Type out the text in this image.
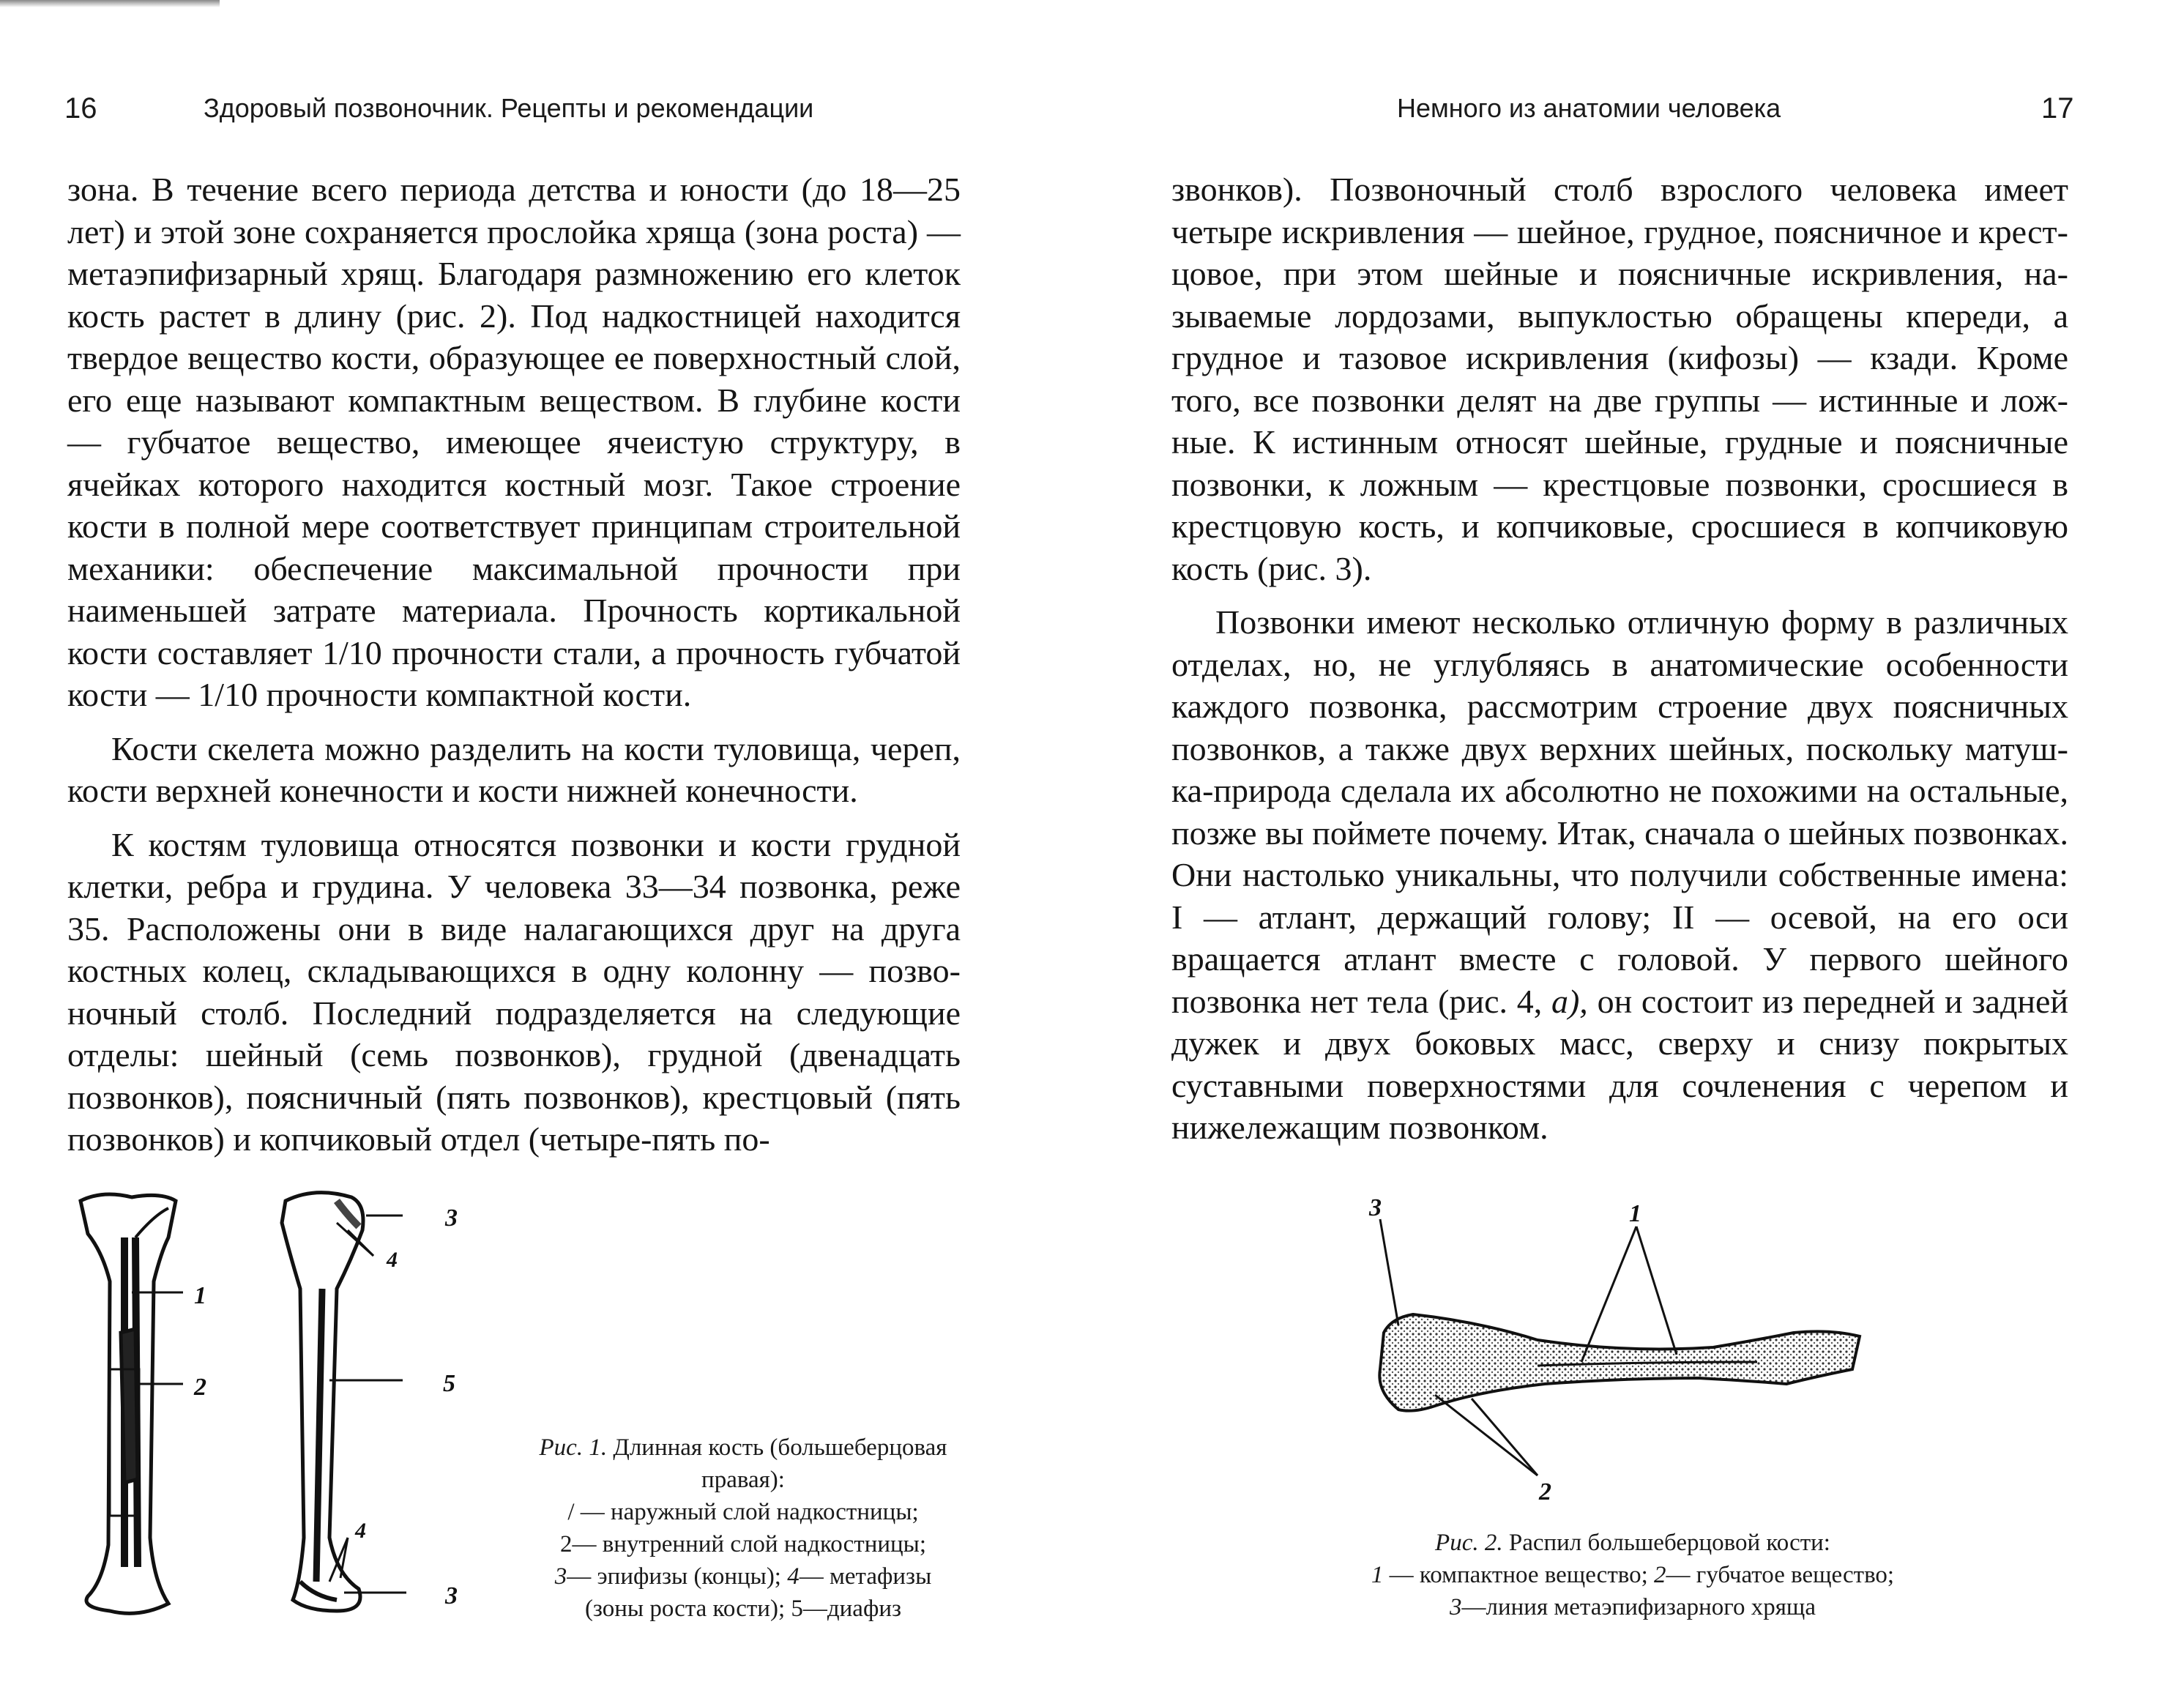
16	Здоровый позвоночник. Рецепты и рекомендации	Немного из анатомии человека	17

зона. В течение всего периода детства и юности (до 18—25 лет) и этой зоне сохраняется прослойка хряща (зона роста) — метаэпифизарный хрящ. Благодаря размножению его клеток кость растет в длину (рис. 2). Под надкостницей находится твердое вещество кости, образующее ее поверхностный слой, его еще называют компактным веществом. В глубине кости — губчатое вещество, имеющее ячеистую структуру, в ячейках которого находится костный мозг. Такое строение кости в полной мере соответствует принципам строительной механики: обеспечение максимальной прочности при наименьшей затрате материала. Прочность кортикальной кости составляет 1/10 прочности стали, а прочность губчатой кости — 1/10 прочности компактной кости.

Кости скелета можно разделить на кости туловища, череп, кости верхней конечности и кости нижней конечности.

К костям туловища относятся позвонки и кости грудной клетки, ребра и грудина. У человека 33—34 позвонка, реже 35. Расположены они в виде налагающихся друг на друга костных колец, складывающихся в одну колонну — позвоночный столб. Последний подразделяется на следующие отделы: шейный (семь позвонков), грудной (двенадцать позвонков), поясничный (пять позвонков), крестцовый (пять позвонков) и копчиковый отдел (четыре-пять по-

звонков). Позвоночный столб взрослого человека имеет четыре искривления — шейное, грудное, поясничное и крестцовое, при этом шейные и поясничные искривления, называемые лордозами, выпуклостью обращены кпереди, а грудное и тазовое искривления (кифозы) — кзади. Кроме того, все позвонки делят на две группы — истинные и ложные. К истинным относят шейные, грудные и поясничные позвонки, к ложным — крестцовые позвонки, сросшиеся в крестцовую кость, и копчиковые, сросшиеся в копчиковую кость (рис. 3).

Позвонки имеют несколько отличную форму в различных отделах, но, не углубляясь в анатомические особенности каждого позвонка, рассмотрим строение двух поясничных позвонков, а также двух верхних шейных, поскольку матушка-природа сделала их абсолютно не похожими на остальные, позже вы поймете почему. Итак, сначала о шейных позвонках. Они настолько уникальны, что получили собственные имена: I — атлант, держащий голову; II — осевой, на его оси вращается атлант вместе с головой. У первого шейного позвонка нет тела (рис. 4, а), он состоит из передней и задней дужек и двух боковых масс, сверху и снизу покрытых суставными поверхностями для сочленения с черепом и нижележащим позвонком.

3
4
1
5
2
4
3
Рис. 1. Длинная кость (большеберцовая правая):
/ — наружный слой надкостницы;
2— внутренний слой надкостницы;
3— эпифизы (концы); 4— метафизы (зоны роста кости); 5—диафиз
3	1
2
Рис. 2. Распил большеберцовой кости:
1 — компактное вещество; 2— губчатое вещество;
3—линия метаэпифизарного хряща
